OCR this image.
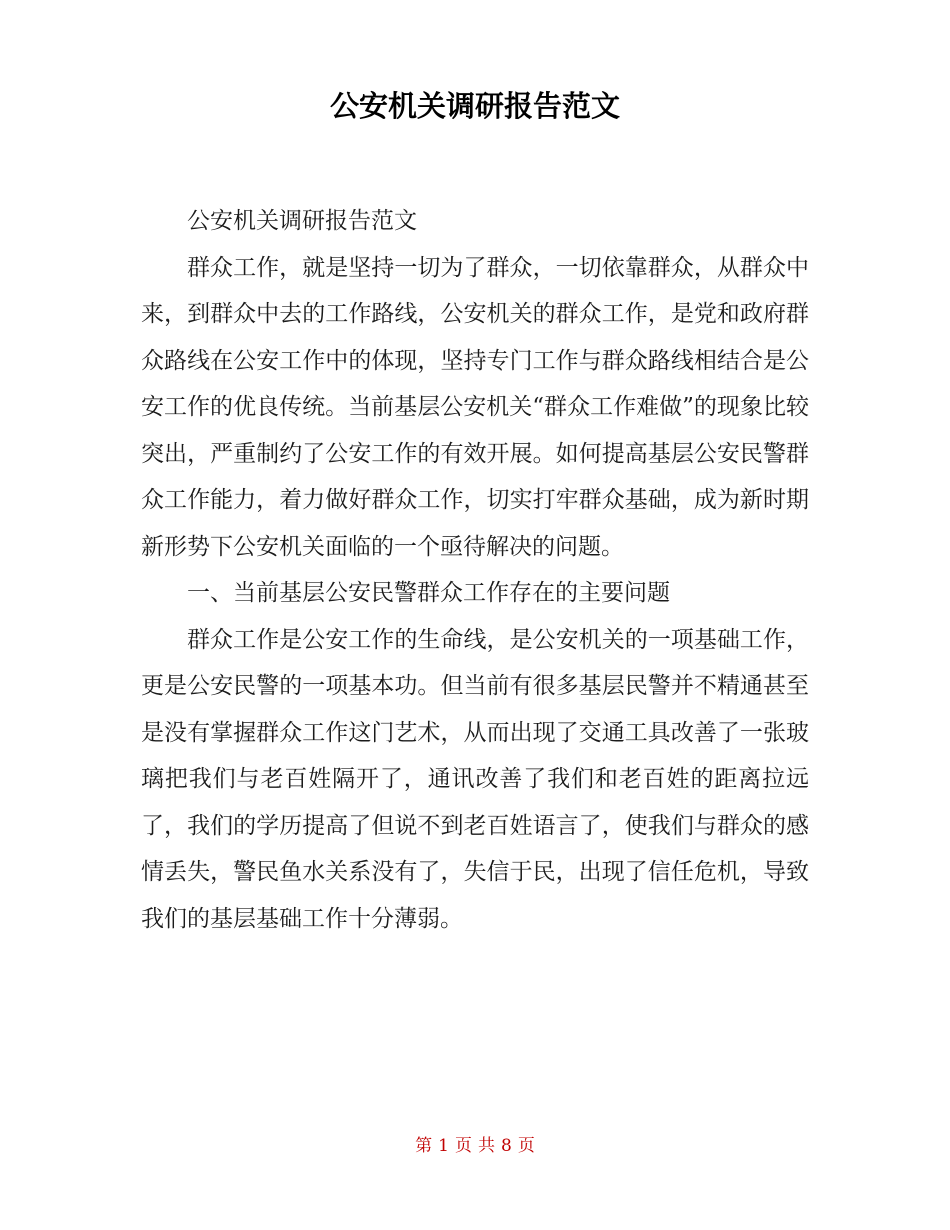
公安机关调研报告范文

公安机关调研报告范文

群众工作，就是坚持一切为了群众，一切依靠群众，从群众中来，到群众中去的工作路线，公安机关的群众工作，是党和政府群众路线在公安工作中的体现，坚持专门工作与群众路线相结合是公安工作的优良传统。当前基层公安机关“群众工作难做”的现象比较突出，严重制约了公安工作的有效开展。如何提高基层公安民警群众工作能力，着力做好群众工作，切实打牢群众基础，成为新时期新形势下公安机关面临的一个亟待解决的问题。

一、当前基层公安民警群众工作存在的主要问题

群众工作是公安工作的生命线，是公安机关的一项基础工作，更是公安民警的一项基本功。但当前有很多基层民警并不精通甚至是没有掌握群众工作这门艺术，从而出现了交通工具改善了一张玻璃把我们与老百姓隔开了，通讯改善了我们和老百姓的距离拉远了，我们的学历提高了但说不到老百姓语言了，使我们与群众的感情丢失，警民鱼水关系没有了，失信于民，出现了信任危机，导致我们的基层基础工作十分薄弱。

第 1 页 共 8 页
